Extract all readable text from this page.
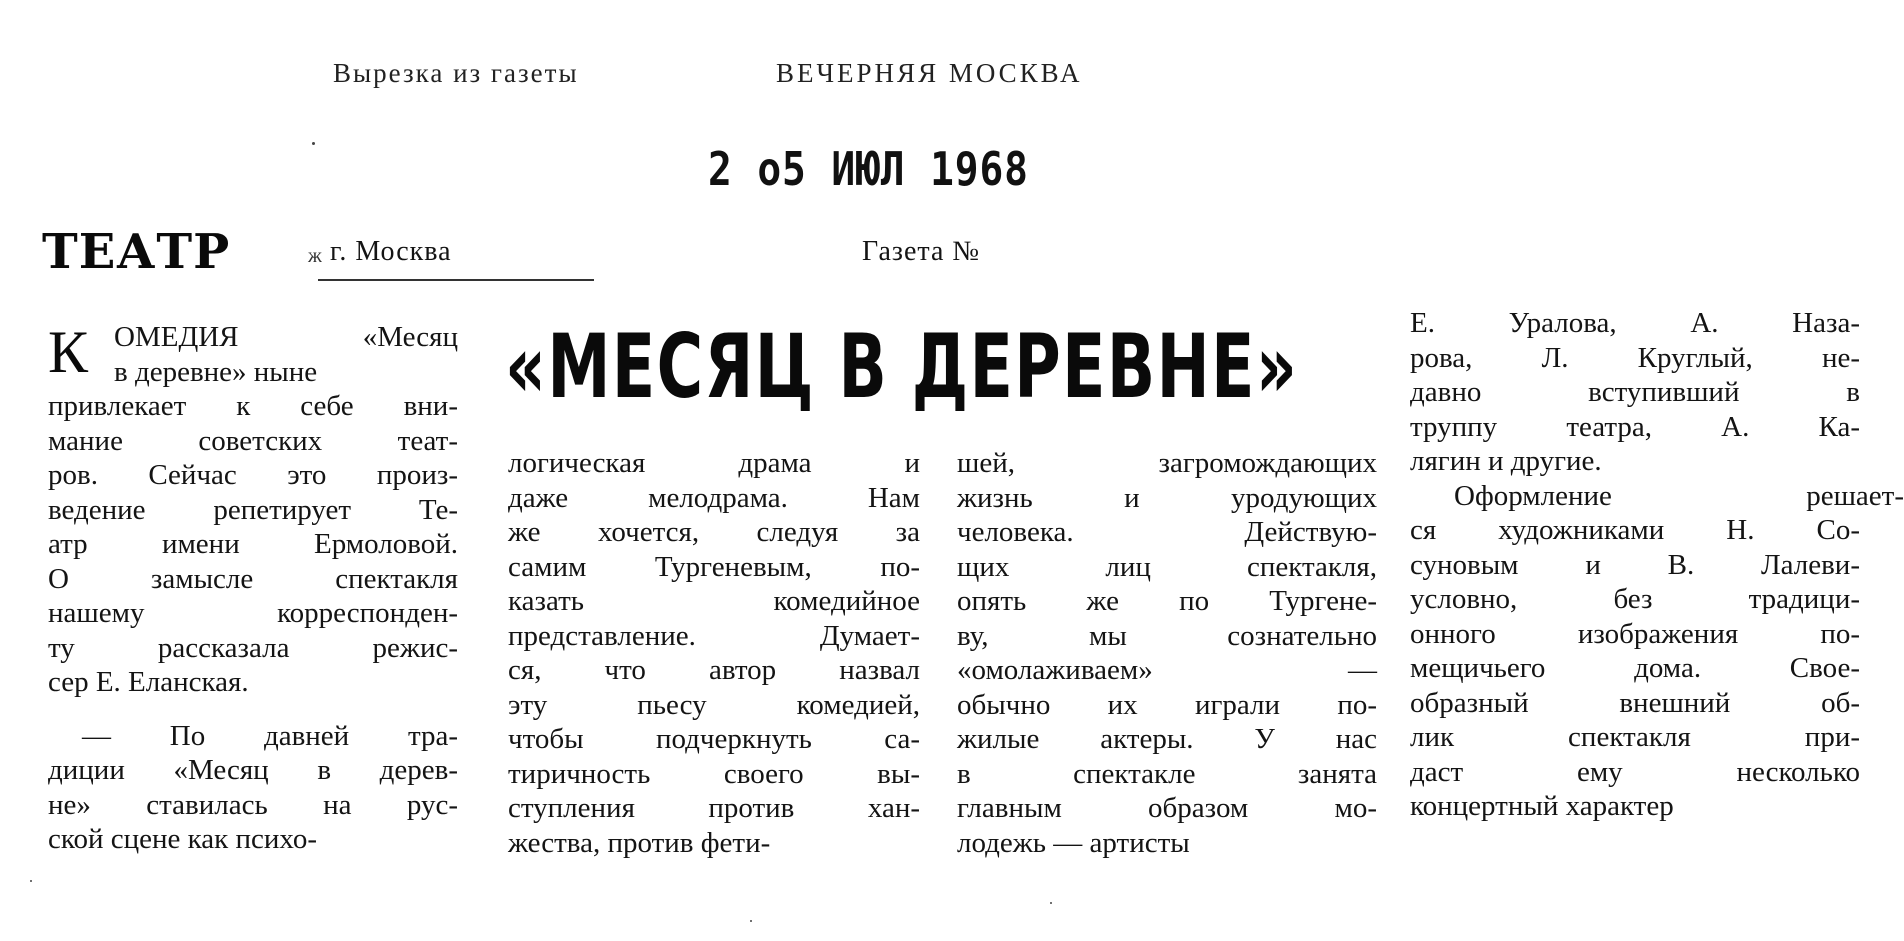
Вырезка из газеты	ВЕЧЕРНЯЯ МОСКВА
2 о5 ИЮЛ 1968
ТЕАТР	ж г. Москва	Газета №
«МЕСЯЦ В ДЕРЕВНЕ»
К ОМЕДИЯ «Месяц
в деревне» ныне
привлекает к себе вни-
мание советских теат-
ров. Сейчас это произ-
ведение репетирует Те-
атр имени Ермоловой.
О замысле спектакля
нашему корреспонден-
ту рассказала режис-
сер Е. Еланская.
— По давней тра-
диции «Месяц в дерев-
не» ставилась на рус-
ской сцене как психо-
логическая драма и
даже мелодрама. Нам
же хочется, следуя за
самим Тургеневым, по-
казать комедийное
представление. Думает-
ся, что автор назвал
эту пьесу комедией,
чтобы подчеркнуть са-
тиричность своего вы-
ступления против хан-
жества, против фети-
шей, загромождающих
жизнь и уродующих
человека. Действую-
щих лиц спектакля,
опять же по Тургене-
ву, мы сознательно
«омолаживаем» —
обычно их играли по-
жилые актеры. У нас
в спектакле занята
главным образом мо-
лодежь — артисты
Е. Уралова, А. Наза-
рова, Л. Круглый, не-
давно вступивший в
труппу театра, А. Ка-
лягин и другие.
Оформление решает-
ся художниками Н. Со-
суновым и В. Лалеви-
условно, без традици-
онного изображения по-
мещичьего дома. Свое-
образный внешний об-
лик спектакля при-
даст ему несколько
концертный характер
